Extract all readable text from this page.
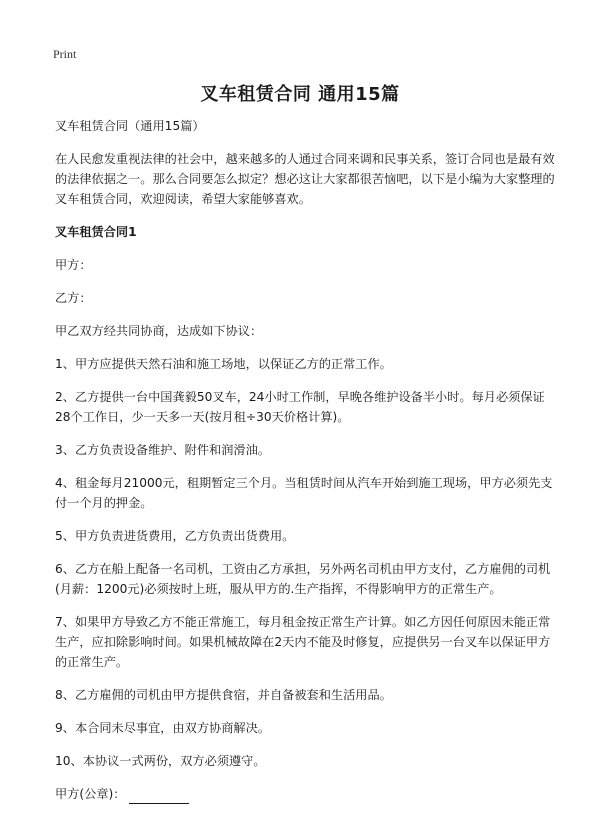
Print
叉车租赁合同 通用15篇

叉车租赁合同（通用15篇）

在人民愈发重视法律的社会中，越来越多的人通过合同来调和民事关系，签订合同也是最有效的法律依据之一。那么合同要怎么拟定？想必这让大家都很苦恼吧，以下是小编为大家整理的叉车租赁合同，欢迎阅读，希望大家能够喜欢。

叉车租赁合同1

甲方：

乙方：

甲乙双方经共同协商，达成如下协议：

1、甲方应提供天然石油和施工场地，以保证乙方的正常工作。

2、乙方提供一台中国龚毅50叉车，24小时工作制，早晚各维护设备半小时。每月必须保证28个工作日，少一天多一天(按月租÷30天价格计算)。

3、乙方负责设备维护、附件和润滑油。

4、租金每月21000元，租期暂定三个月。当租赁时间从汽车开始到施工现场，甲方必须先支付一个月的押金。

5、甲方负责进货费用，乙方负责出货费用。

6、乙方在船上配备一名司机，工资由乙方承担，另外两名司机由甲方支付，乙方雇佣的司机(月薪：1200元)必须按时上班，服从甲方的.生产指挥，不得影响甲方的正常生产。

7、如果甲方导致乙方不能正常施工，每月租金按正常生产计算。如乙方因任何原因未能正常生产，应扣除影响时间。如果机械故障在2天内不能及时修复，应提供另一台叉车以保证甲方的正常生产。

8、乙方雇佣的司机由甲方提供食宿，并自备被套和生活用品。

9、本合同未尽事宜，由双方协商解决。

10、本协议一式两份，双方必须遵守。

甲方(公章)：
